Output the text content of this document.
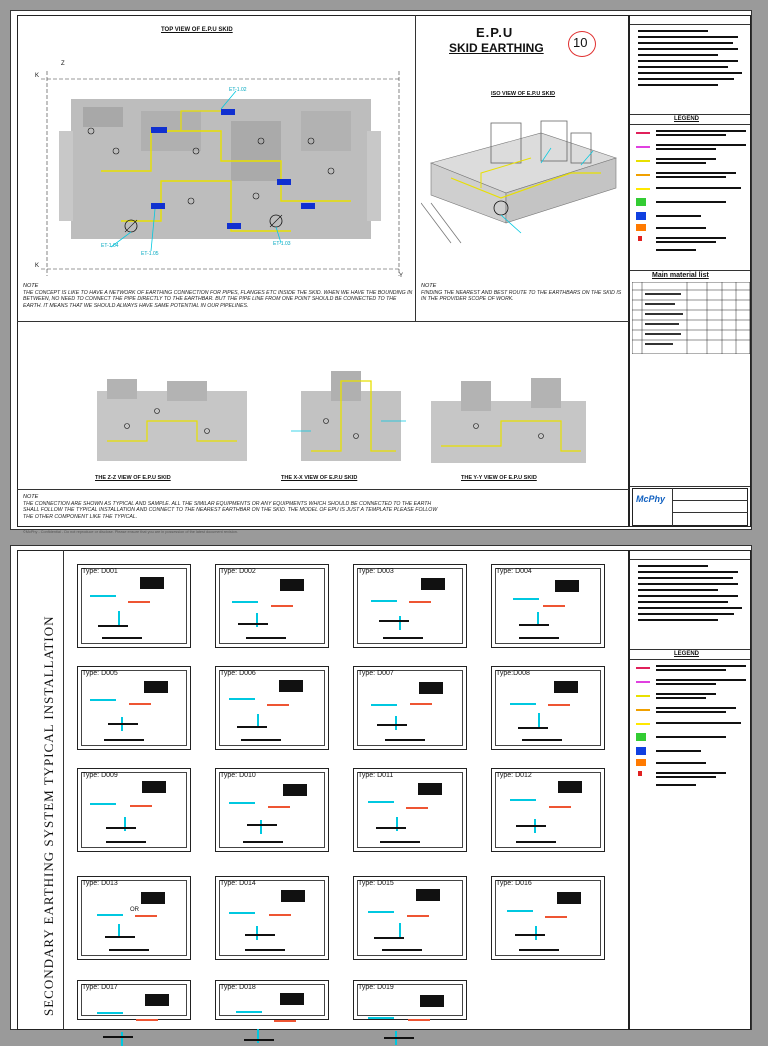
TOP VIEW OF E.P.U SKID	E.P.U
SKID EARTHING 10
ISO VIEW OF E.P.U SKID
ET-1.02
ET-1.04
ET-1.05
ET-1.03
K
K
Z
Y
NOTE
THE CONCEPT IS LIKE TO HAVE A NETWORK OF EARTHING CONNECTION FOR PIPES, FLANGES ETC INSIDE THE SKID. WHEN WE HAVE THE BOUNDING IN BETWEEN, NO NEED TO CONNECT THE PIPE DIRECTLY TO THE EARTHBAR. BUT THE PIPE LINE FROM ONE POINT SHOULD BE CONNECTED TO THE EARTH. IT MEANS THAT WE SHOULD ALWAYS HAVE SAME POTENTIAL IN OUR PIPELINES.
NOTE
FINDING THE NEAREST AND BEST ROUTE TO THE EARTHBARS ON THE SKID IS IN THE PROVIDER SCOPE OF WORK.
THE Z-Z VIEW OF E.P.U SKID	THE X-X VIEW OF E.P.U SKID	THE Y-Y VIEW OF E.P.U SKID
NOTE
THE CONNECTION ARE SHOWN AS TYPICAL AND SAMPLE. ALL THE SIMILAR EQUIPMENTS OR ANY EQUIPMENTS WHICH SHOULD BE CONNECTED TO THE EARTH SHALL FOLLOW THE TYPICAL INSTALLATION AND CONNECT TO THE NEAREST EARTHBAR ON THE SKID. THE MODEL OF EPU IS JUST A TEMPLATE PLEASE FOLLOW THE OTHER COMPONENT LIKE THE TYPICAL.
©McPhy - Confidential - Do not reproduce or disclose. Please ensure that you are in possession of the latest document revision.
LEGEND
Main material list
McPhy
SECONDARY EARTHING SYSTEM TYPICAL INSTALLATION
Type: D001	Type: D002	Type: D003	Type: D004
Type: D005	Type: D006	Type: D007	Type:D008
Type: D009	Type: D010	Type: D011	Type: D012
Type: D013
OR
Type: D014	Type: D015	Type: D016
Type: D017	Type: D018	Type: D019
LEGEND
